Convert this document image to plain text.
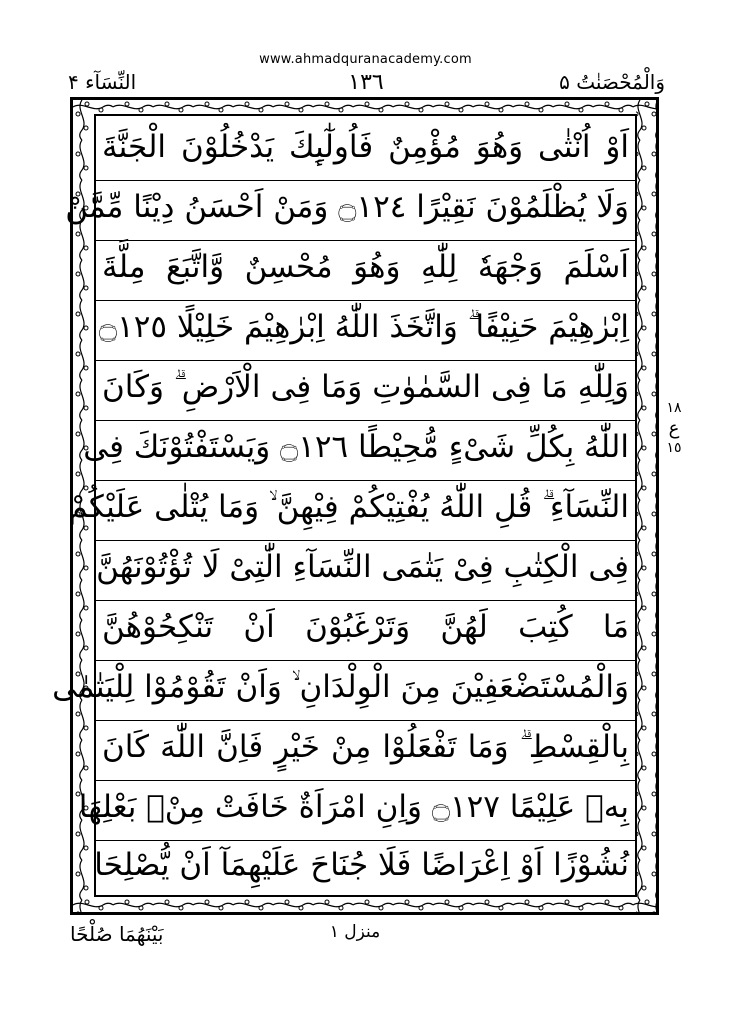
www.ahmadquranacademy.com
النِّسَآء ۴	١٣٦	وَالْمُحْصَنٰتُ ۵
اَوْ اُنْثٰى وَهُوَ مُؤْمِنٌ فَاُولٰٓىِٕكَ يَدْخُلُوْنَ الْجَنَّةَ
وَلَا يُظْلَمُوْنَ نَقِيْرًا ۝١٢٤ وَمَنْ اَحْسَنُ دِيْنًا مِّمَّنْ
اَسْلَمَ وَجْهَهٗ لِلّٰهِ وَهُوَ مُحْسِنٌ وَّاتَّبَعَ مِلَّةَ
اِبْرٰهِيْمَ حَنِيْفًا ۗ وَاتَّخَذَ اللّٰهُ اِبْرٰهِيْمَ خَلِيْلًا ۝١٢٥
وَلِلّٰهِ مَا فِى السَّمٰوٰتِ وَمَا فِى الْاَرْضِ ۗ وَكَانَ
اللّٰهُ بِكُلِّ شَىْءٍ مُّحِيْطًا ۝١٢٦ وَيَسْتَفْتُوْنَكَ فِى
النِّسَآءِ ۗ قُلِ اللّٰهُ يُفْتِيْكُمْ فِيْهِنَّ ۙ وَمَا يُتْلٰى عَلَيْكُمْ
فِى الْكِتٰبِ فِىْ يَتٰمَى النِّسَآءِ الّٰتِىْ لَا تُؤْتُوْنَهُنَّ
مَا كُتِبَ لَهُنَّ وَتَرْغَبُوْنَ اَنْ تَنْكِحُوْهُنَّ
وَالْمُسْتَضْعَفِيْنَ مِنَ الْوِلْدَانِ ۙ وَاَنْ تَقُوْمُوْا لِلْيَتٰمٰى
بِالْقِسْطِ ۗ وَمَا تَفْعَلُوْا مِنْ خَيْرٍ فَاِنَّ اللّٰهَ كَانَ
بِهٖ عَلِيْمًا ۝١٢٧ وَاِنِ امْرَاَةٌ خَافَتْ مِنْۢ بَعْلِهَا
نُشُوْزًا اَوْ اِعْرَاضًا فَلَا جُنَاحَ عَلَيْهِمَآ اَنْ يُّصْلِحَا
١٨
ع
١٥
بَيْنَهُمَا صُلْحًا	منزل ١
